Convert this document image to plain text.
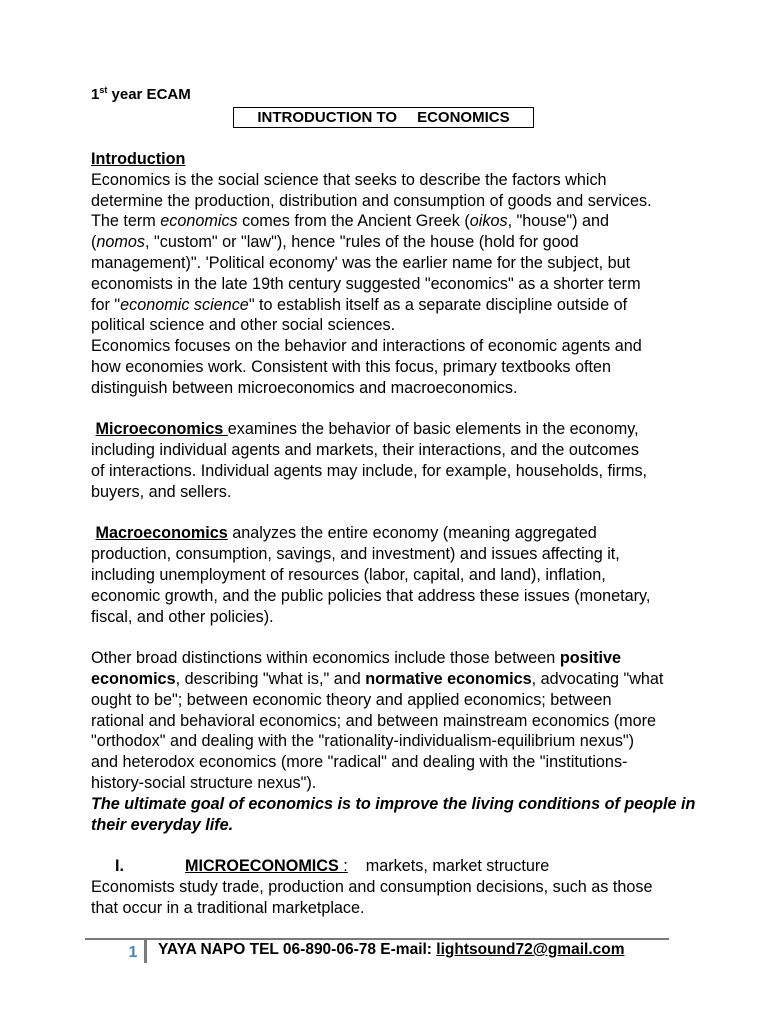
1st year ECAM
INTRODUCTION TO ECONOMICS
Introduction
Economics is the social science that seeks to describe the factors which
determine the production, distribution and consumption of goods and services.
The term economics comes from the Ancient Greek (oikos, "house") and
(nomos, "custom" or "law"), hence "rules of the house (hold for good
management)". 'Political economy' was the earlier name for the subject, but
economists in the late 19th century suggested "economics" as a shorter term
for "economic science" to establish itself as a separate discipline outside of
political science and other social sciences.
Economics focuses on the behavior and interactions of economic agents and
how economies work. Consistent with this focus, primary textbooks often
distinguish between microeconomics and macroeconomics.
Microeconomics examines the behavior of basic elements in the economy,
including individual agents and markets, their interactions, and the outcomes
of interactions. Individual agents may include, for example, households, firms,
buyers, and sellers.
Macroeconomics analyzes the entire economy (meaning aggregated
production, consumption, savings, and investment) and issues affecting it,
including unemployment of resources (labor, capital, and land), inflation,
economic growth, and the public policies that address these issues (monetary,
fiscal, and other policies).
Other broad distinctions within economics include those between positive
economics, describing "what is," and normative economics, advocating "what
ought to be"; between economic theory and applied economics; between
rational and behavioral economics; and between mainstream economics (more
"orthodox" and dealing with the "rationality-individualism-equilibrium nexus")
and heterodox economics (more "radical" and dealing with the "institutions-
history-social structure nexus").
The ultimate goal of economics is to improve the living conditions of people in
their everyday life.
I.	MICROECONOMICS : markets, market structure
Economists study trade, production and consumption decisions, such as those
that occur in a traditional marketplace.
1 YAYA NAPO TEL 06-890-06-78 E-mail: lightsound72@gmail.com
